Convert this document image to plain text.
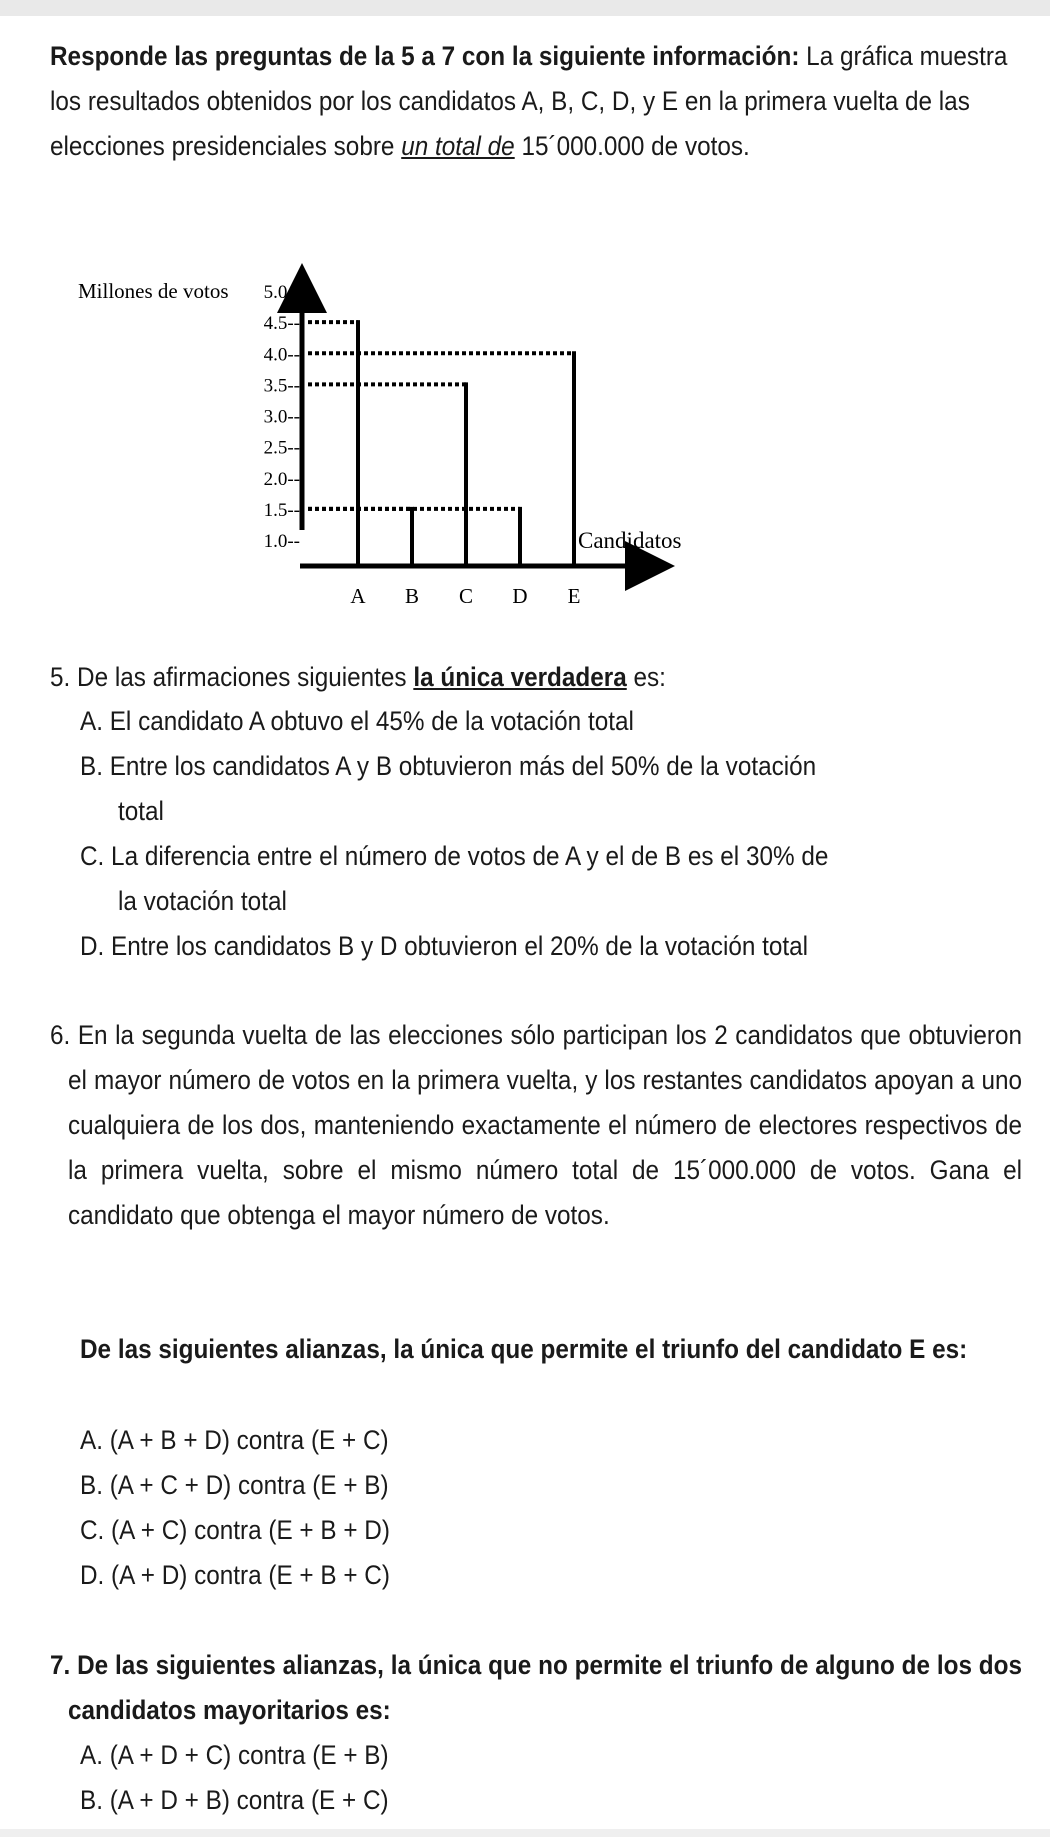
Responde las preguntas de la 5 a 7 con la siguiente información: La gráfica muestra los resultados obtenidos por los candidatos A, B, C, D, y E en la primera vuelta de las elecciones presidenciales sobre un total de 15´000.000 de votos.
Millones de votos
1.0--
1.5--
2.0--
2.5--
3.0--
3.5--
4.0--
4.5--
5.0--
Candidatos
A B C D E
5. De las afirmaciones siguientes la única verdadera es:
A. El candidato A obtuvo el 45% de la votación total
B. Entre los candidatos A y B obtuvieron más del 50% de la votación
total
C. La diferencia entre el número de votos de A y el de B es el 30% de
la votación total
D. Entre los candidatos B y D obtuvieron el 20% de la votación total
6. En la segunda vuelta de las elecciones sólo participan los 2 candidatos que obtuvieron el mayor número de votos en la primera vuelta, y los restantes candidatos apoyan a uno cualquiera de los dos, manteniendo exactamente el número de electores respectivos de la primera vuelta, sobre el mismo número total de 15´000.000 de votos. Gana el candidato que obtenga el mayor número de votos.
De las siguientes alianzas, la única que permite el triunfo del candidato E es:
A. (A + B + D) contra (E + C)
B. (A + C + D) contra (E + B)
C. (A + C) contra (E + B + D)
D. (A + D) contra (E + B + C)
7. De las siguientes alianzas, la única que no permite el triunfo de alguno de los dos candidatos mayoritarios es:
A. (A + D + C) contra (E + B)
B. (A + D + B) contra (E + C)
